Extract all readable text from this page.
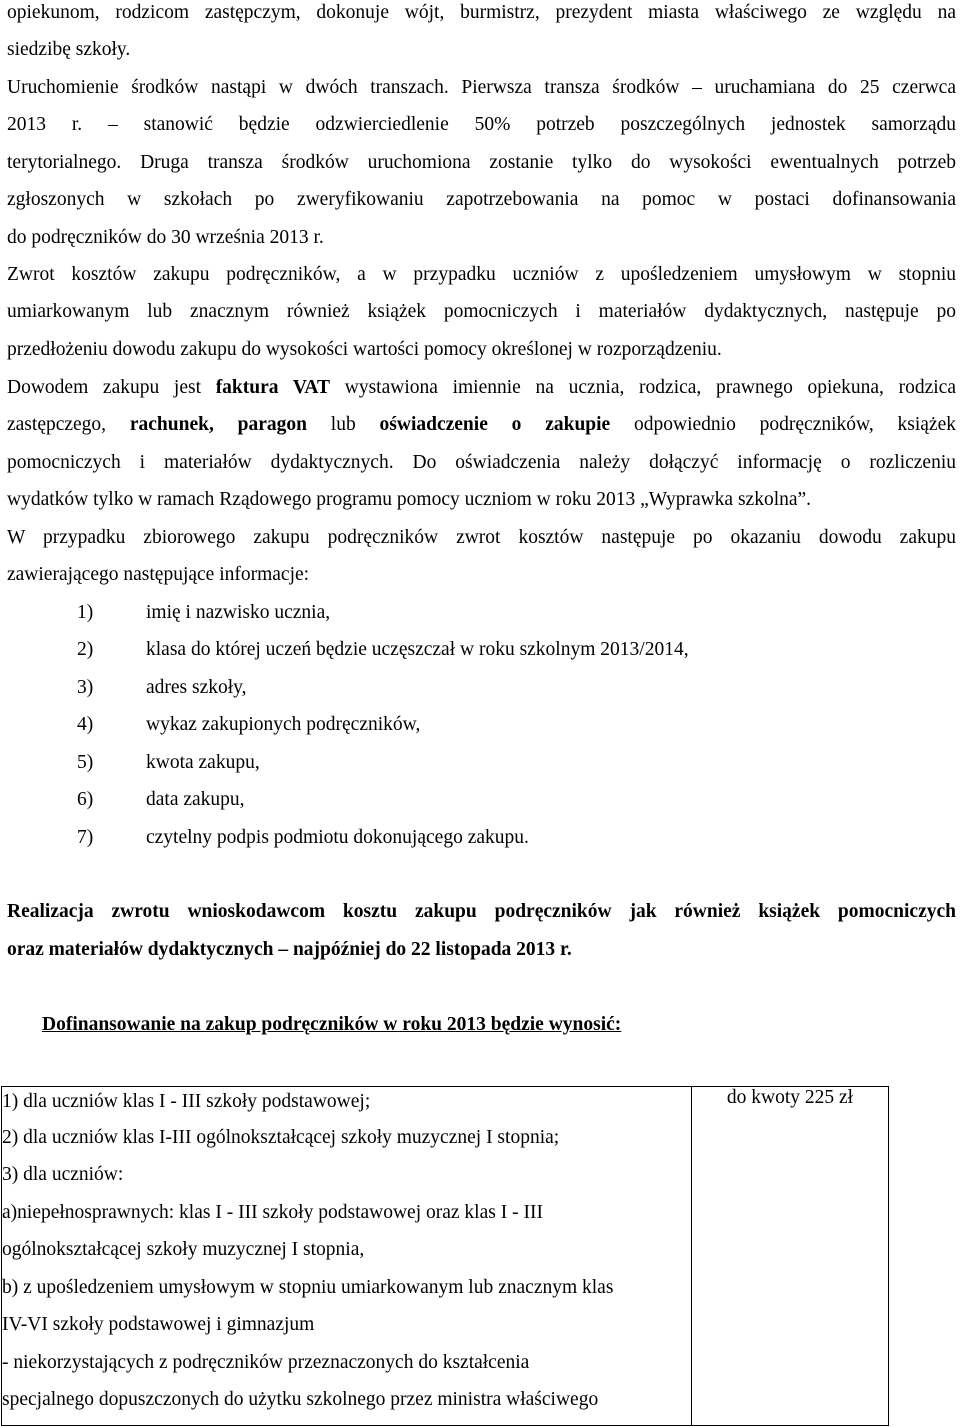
opiekunom, rodzicom zastępczym, dokonuje wójt, burmistrz, prezydent miasta właściwego ze względu na
siedzibę szkoły.
Uruchomienie środków nastąpi w dwóch transzach. Pierwsza transza środków – uruchamiana do 25 czerwca
2013 r. – stanowić będzie odzwierciedlenie 50% potrzeb poszczególnych jednostek samorządu
terytorialnego. Druga transza środków uruchomiona zostanie tylko do wysokości ewentualnych potrzeb
zgłoszonych w szkołach po zweryfikowaniu zapotrzebowania na pomoc w postaci dofinansowania
do podręczników do 30 września 2013 r.
Zwrot kosztów zakupu podręczników, a w przypadku uczniów z upośledzeniem umysłowym w stopniu
umiarkowanym lub znacznym również książek pomocniczych i materiałów dydaktycznych, następuje po
przedłożeniu dowodu zakupu do wysokości wartości pomocy określonej w rozporządzeniu.
Dowodem zakupu jest faktura VAT wystawiona imiennie na ucznia, rodzica, prawnego opiekuna, rodzica
zastępczego, rachunek, paragon lub oświadczenie o zakupie odpowiednio podręczników, książek
pomocniczych i materiałów dydaktycznych. Do oświadczenia należy dołączyć informację o rozliczeniu
wydatków tylko w ramach Rządowego programu pomocy uczniom w roku 2013 „Wyprawka szkolna”.
W przypadku zbiorowego zakupu podręczników zwrot kosztów następuje po okazaniu dowodu zakupu
zawierającego następujące informacje:
1)	imię i nazwisko ucznia,
2)	klasa do której uczeń będzie uczęszczał w roku szkolnym 2013/2014,
3)	adres szkoły,
4)	wykaz zakupionych podręczników,
5)	kwota zakupu,
6)	data zakupu,
7)	czytelny podpis podmiotu dokonującego zakupu.
Realizacja zwrotu wnioskodawcom kosztu zakupu podręczników jak również książek pomocniczych
oraz materiałów dydaktycznych – najpóźniej do 22 listopada 2013 r.
Dofinansowanie na zakup podręczników w roku 2013 będzie wynosić:
1) dla uczniów klas I - III szkoły podstawowej;
2) dla uczniów klas I-III ogólnokształcącej szkoły muzycznej I stopnia;
3) dla uczniów:
a)niepełnosprawnych: klas I - III szkoły podstawowej oraz klas I - III
ogólnokształcącej szkoły muzycznej I stopnia,
b) z upośledzeniem umysłowym w stopniu umiarkowanym lub znacznym klas
IV-VI szkoły podstawowej i gimnazjum
- niekorzystających z podręczników przeznaczonych do kształcenia
specjalnego dopuszczonych do użytku szkolnego przez ministra właściwego
	do kwoty 225 zł
